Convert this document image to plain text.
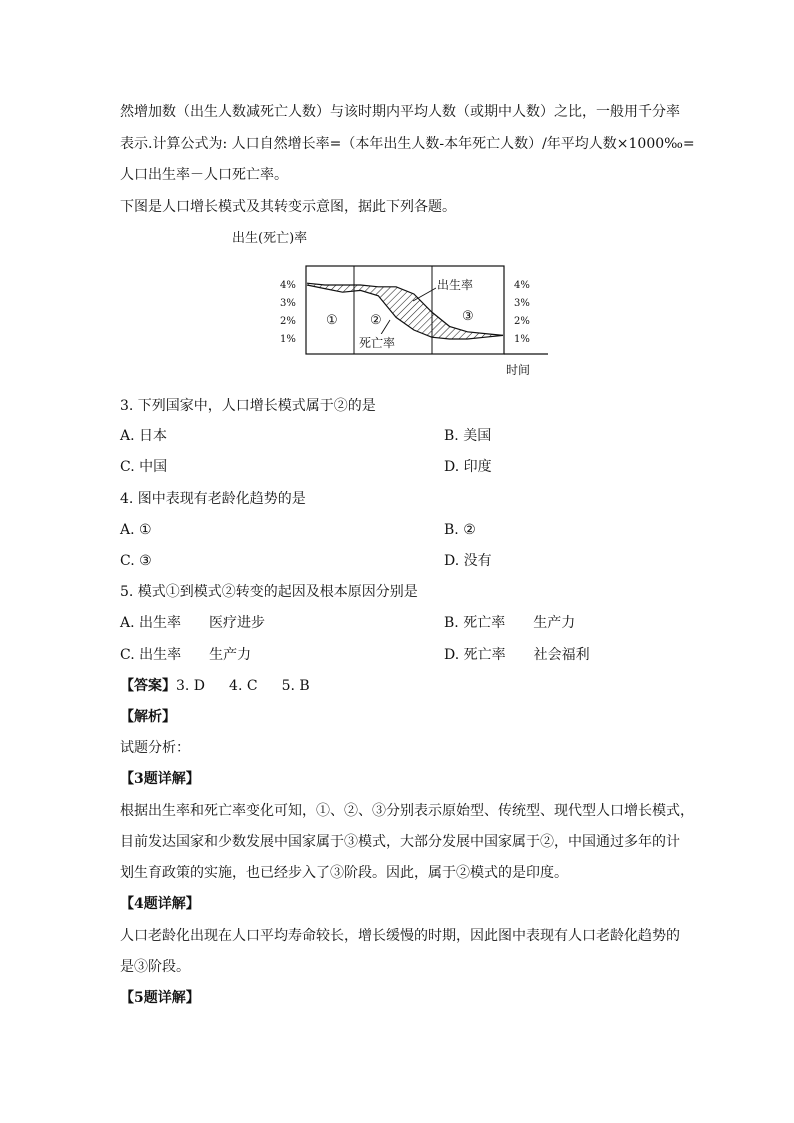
然增加数（出生人数减死亡人数）与该时期内平均人数（或期中人数）之比，一般用千分率
表示.计算公式为: 人口自然增长率=（本年出生人数-本年死亡人数）/年平均人数×1000‰=
人口出生率－人口死亡率。
下图是人口增长模式及其转变示意图，据此下列各题。
出生(死亡)率
时间
4%
3%
2%
1%
4%
3%
2%
1%
① ②	③
出生率
死亡率
3. 下列国家中，人口增长模式属于②的是
A. 日本	B. 美国
C. 中国	D. 印度
4. 图中表现有老龄化趋势的是
A. ①	B. ②
C. ③	D. 没有
5. 模式①到模式②转变的起因及根本原因分别是
A. 出生率 医疗进步	B. 死亡率 生产力
C. 出生率 生产力	D. 死亡率 社会福利
【答案】3. D 4. C 5. B
【解析】
试题分析：
【3题详解】
根据出生率和死亡率变化可知，①、②、③分别表示原始型、传统型、现代型人口增长模式，
目前发达国家和少数发展中国家属于③模式，大部分发展中国家属于②，中国通过多年的计
划生育政策的实施，也已经步入了③阶段。因此，属于②模式的是印度。
【4题详解】
人口老龄化出现在人口平均寿命较长，增长缓慢的时期，因此图中表现有人口老龄化趋势的
是③阶段。
【5题详解】
